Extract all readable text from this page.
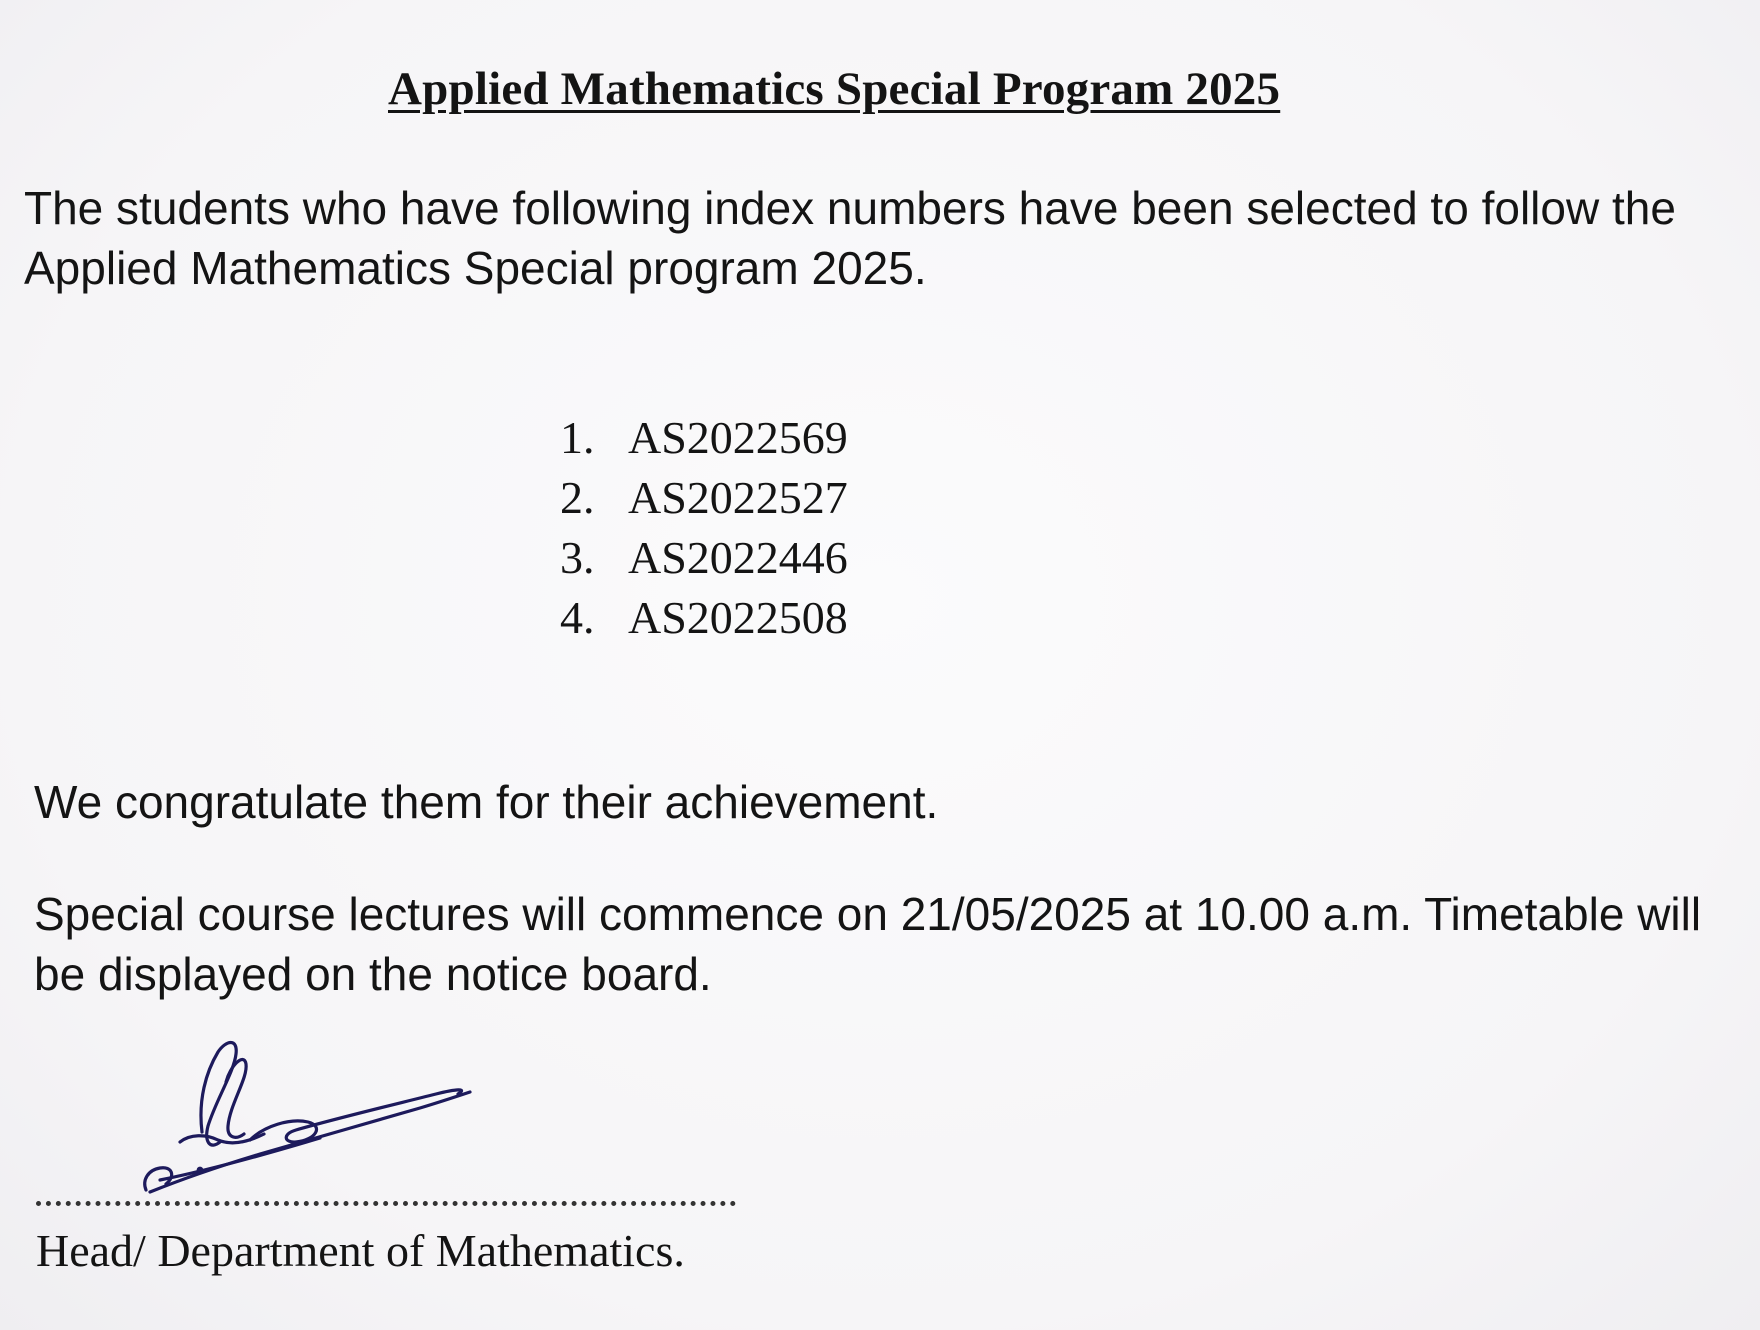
Applied Mathematics Special Program 2025

The students who have following index numbers have been selected to follow the
Applied Mathematics Special program 2025.

1. AS2022569
2. AS2022527
3. AS2022446
4. AS2022508

We congratulate them for their achievement.

Special course lectures will commence on 21/05/2025 at 10.00 a.m. Timetable will
be displayed on the notice board.

Head/ Department of Mathematics.
